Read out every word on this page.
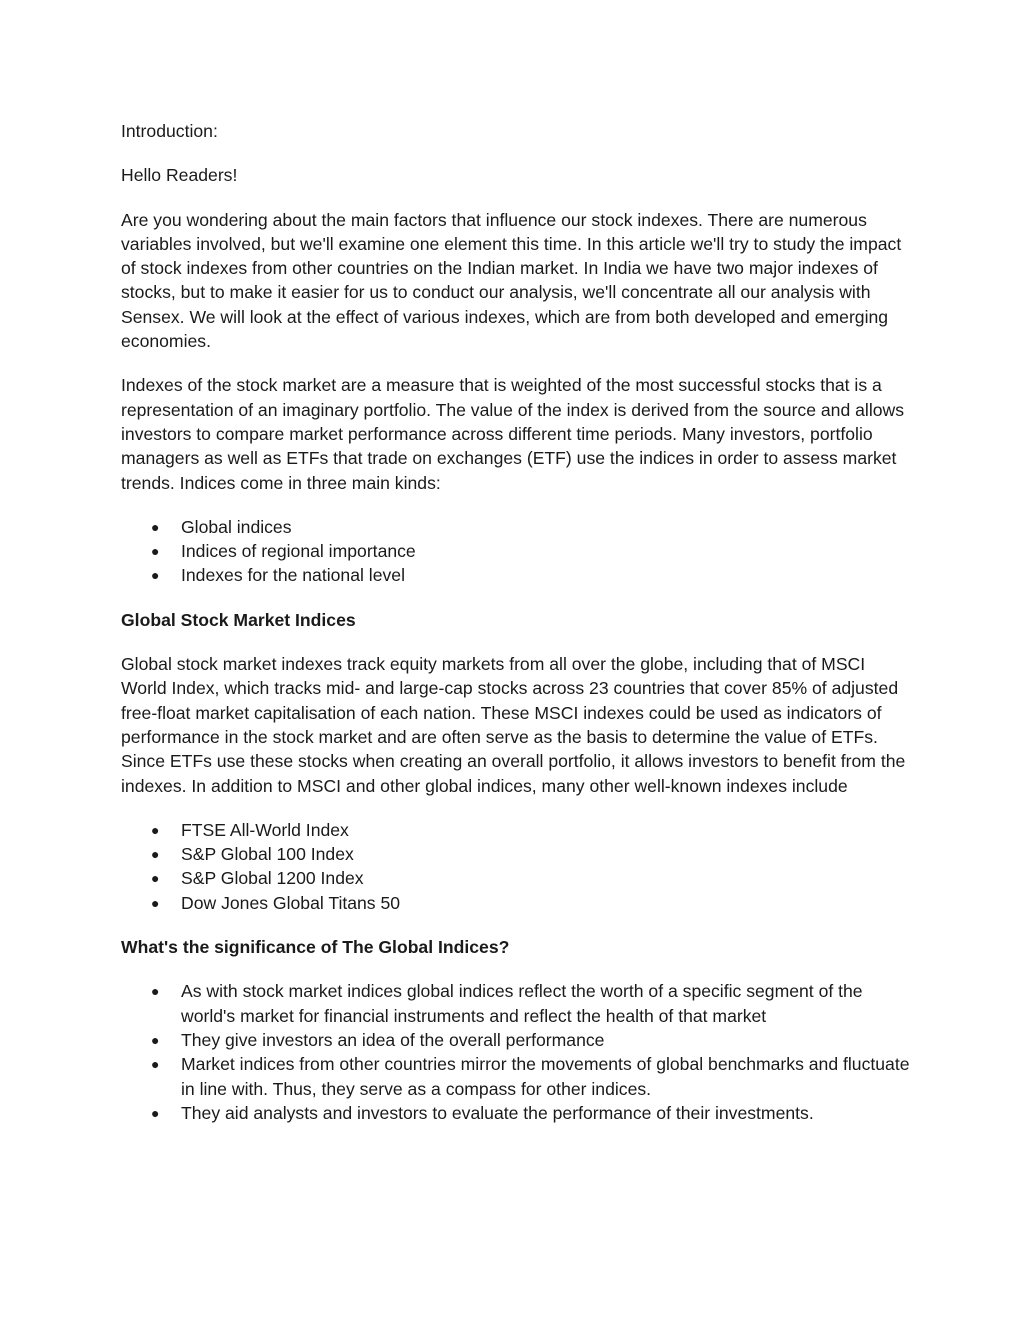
Introduction:

Hello Readers!

Are you wondering about the main factors that influence our stock indexes. There are numerous variables involved, but we'll examine one element this time. In this article we'll try to study the impact of stock indexes from other countries on the Indian market. In India we have two major indexes of stocks, but to make it easier for us to conduct our analysis, we'll concentrate all our analysis with Sensex. We will look at the effect of various indexes, which are from both developed and emerging economies.

Indexes of the stock market are a measure that is weighted of the most successful stocks that is a representation of an imaginary portfolio. The value of the index is derived from the source and allows investors to compare market performance across different time periods. Many investors, portfolio managers as well as ETFs that trade on exchanges (ETF) use the indices in order to assess market trends. Indices come in three main kinds:

● Global indices
● Indices of regional importance
● Indexes for the national level
Global Stock Market Indices

Global stock market indexes track equity markets from all over the globe, including that of MSCI World Index, which tracks mid- and large-cap stocks across 23 countries that cover 85% of adjusted free-float market capitalisation of each nation. These MSCI indexes could be used as indicators of performance in the stock market and are often serve as the basis to determine the value of ETFs. Since ETFs use these stocks when creating an overall portfolio, it allows investors to benefit from the indexes. In addition to MSCI and other global indices, many other well-known indexes include

● FTSE All-World Index
● S&P Global 100 Index
● S&P Global 1200 Index
● Dow Jones Global Titans 50
What's the significance of The Global Indices?
● As with stock market indices global indices reflect the worth of a specific segment of the world's market for financial instruments and reflect the health of that market
● They give investors an idea of the overall performance
● Market indices from other countries mirror the movements of global benchmarks and fluctuate in line with. Thus, they serve as a compass for other indices.
● They aid analysts and investors to evaluate the performance of their investments.
